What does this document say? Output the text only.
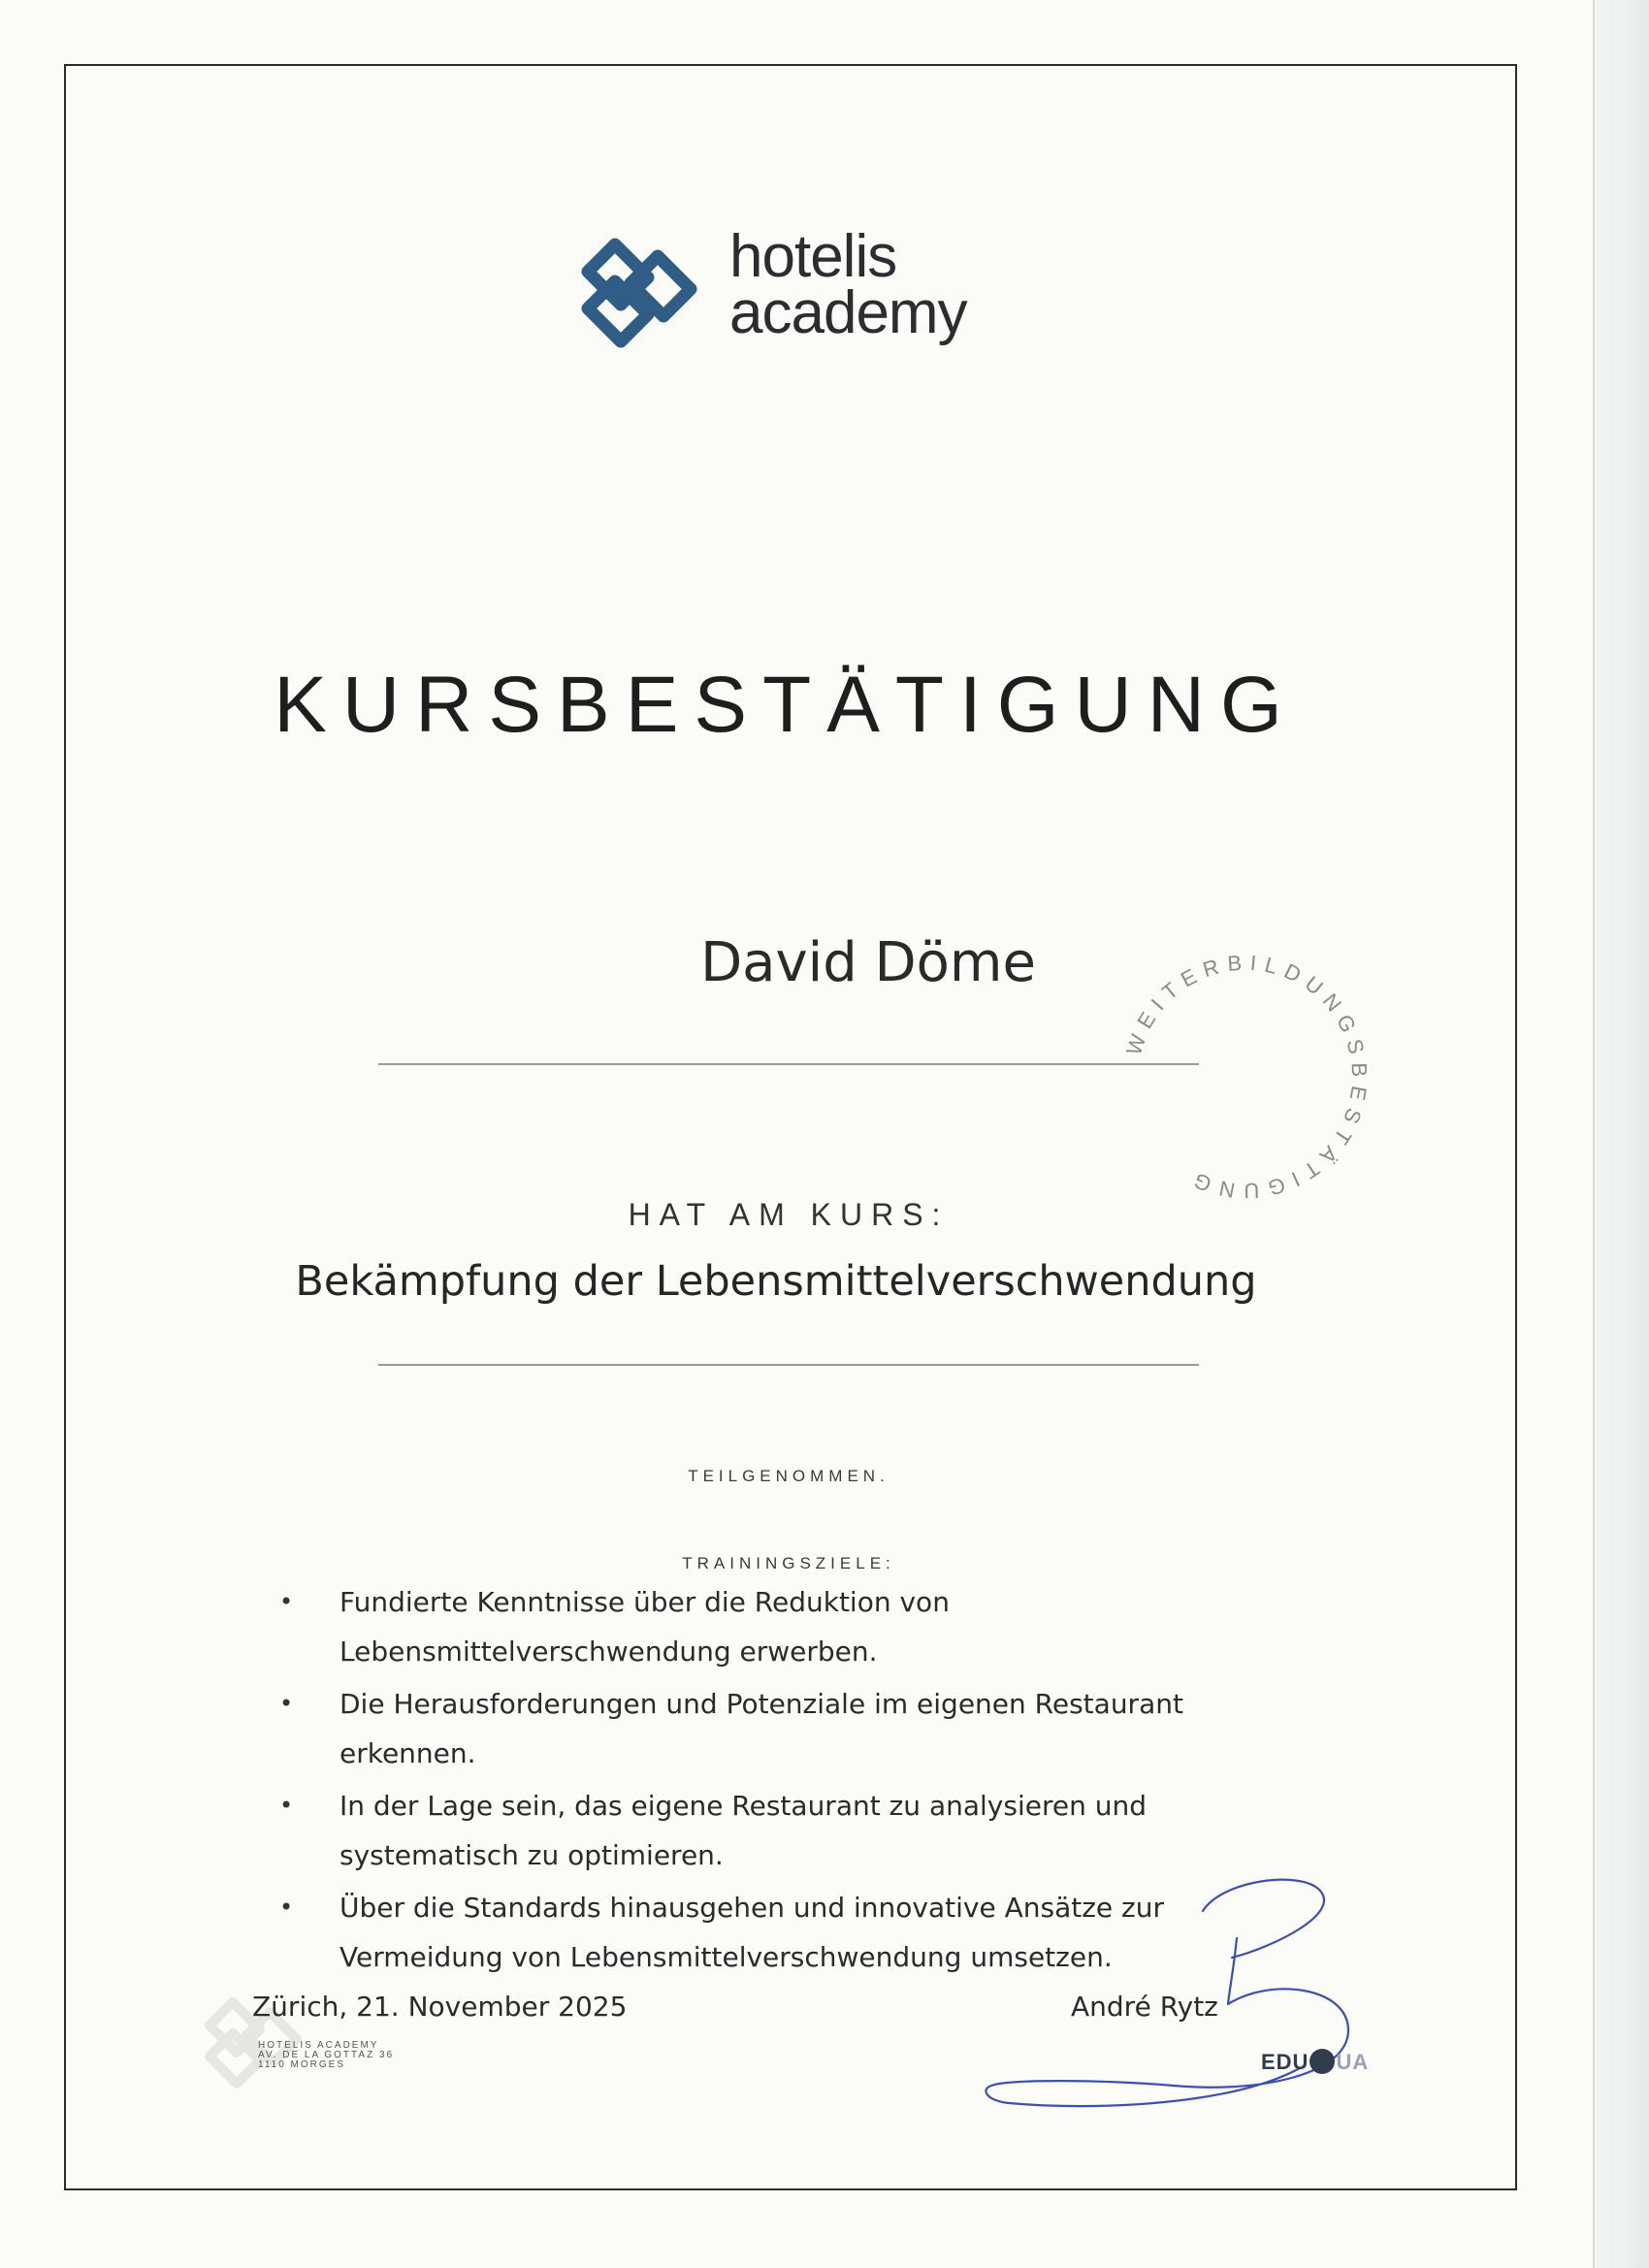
hotelis
academy
KURSBESTÄTIGUNG
David Döme
WEITERBILDUNGSBESTÄTIGUNG
HAT AM KURS:
Bekämpfung der Lebensmittelverschwendung
TEILGENOMMEN.
TRAININGSZIELE:
• Fundierte Kenntnisse über die Reduktion von
Lebensmittelverschwendung erwerben.
• Die Herausforderungen und Potenziale im eigenen Restaurant
erkennen.
• In der Lage sein, das eigene Restaurant zu analysieren und
systematisch zu optimieren.
• Über die Standards hinausgehen und innovative Ansätze zur
Vermeidung von Lebensmittelverschwendung umsetzen.
Zürich, 21. November 2025
HOTELIS ACADEMY
AV. DE LA GOTTAZ 36
1110 MORGES
André Rytz
EDU UA
